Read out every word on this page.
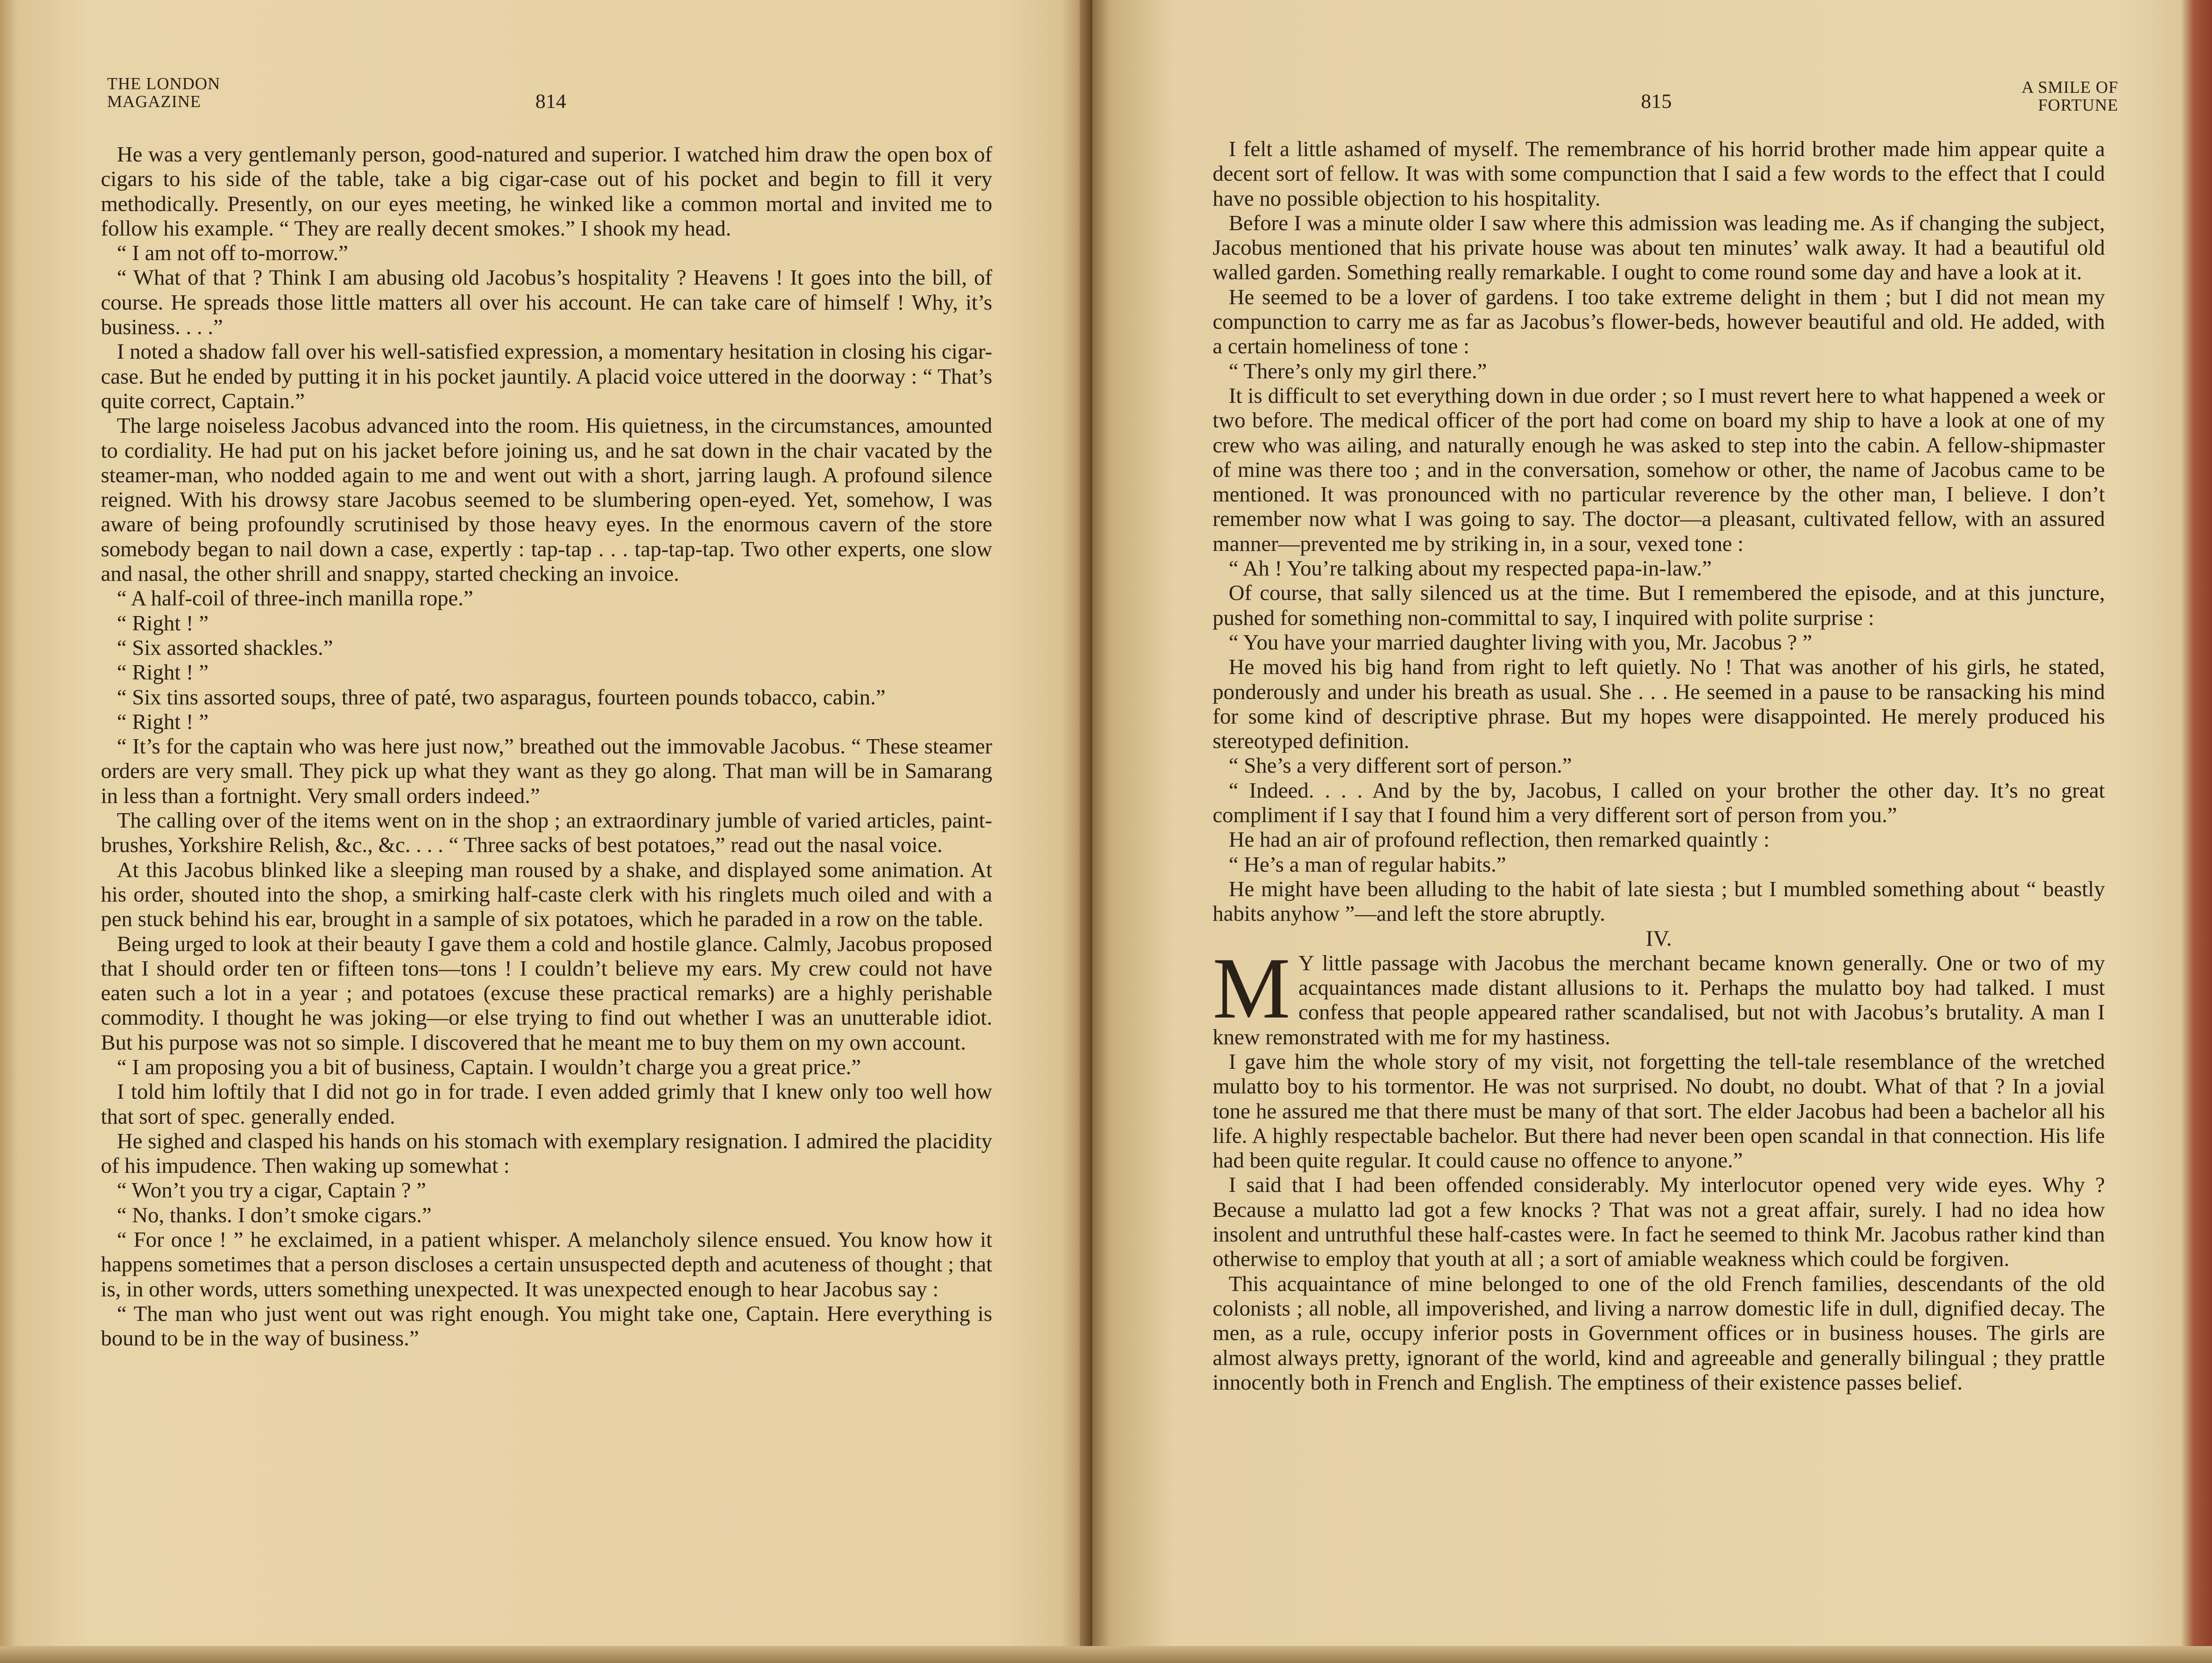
THE LONDON
MAGAZINE	814

He was a very gentlemanly person, good-natured and superior. I watched him draw the open box of cigars to his side of the table, take a big cigar-case out of his pocket and begin to fill it very methodically. Presently, on our eyes meeting, he winked like a common mortal and invited me to follow his example. “ They are really decent smokes.” I shook my head.

“ I am not off to-morrow.”

“ What of that ? Think I am abusing old Jacobus’s hospitality ? Heavens ! It goes into the bill, of course. He spreads those little matters all over his account. He can take care of himself ! Why, it’s business. . . .”

I noted a shadow fall over his well-satisfied expression, a momentary hesitation in closing his cigar-case. But he ended by putting it in his pocket jauntily. A placid voice uttered in the doorway : “ That’s quite correct, Captain.”

The large noiseless Jacobus advanced into the room. His quietness, in the circumstances, amounted to cordiality. He had put on his jacket before joining us, and he sat down in the chair vacated by the steamer-man, who nodded again to me and went out with a short, jarring laugh. A profound silence reigned. With his drowsy stare Jacobus seemed to be slumbering open-eyed. Yet, somehow, I was aware of being profoundly scrutinised by those heavy eyes. In the enormous cavern of the store somebody began to nail down a case, expertly : tap-tap . . . tap-tap-tap. Two other experts, one slow and nasal, the other shrill and snappy, started checking an invoice.

“ A half-coil of three-inch manilla rope.”

“ Right ! ”

“ Six assorted shackles.”

“ Right ! ”

“ Six tins assorted soups, three of paté, two asparagus, fourteen pounds tobacco, cabin.”

“ Right ! ”

“ It’s for the captain who was here just now,” breathed out the immovable Jacobus. “ These steamer orders are very small. They pick up what they want as they go along. That man will be in Samarang in less than a fortnight. Very small orders indeed.”

The calling over of the items went on in the shop ; an extraordinary jumble of varied articles, paint-brushes, Yorkshire Relish, &c., &c. . . . “ Three sacks of best potatoes,” read out the nasal voice.

At this Jacobus blinked like a sleeping man roused by a shake, and displayed some animation. At his order, shouted into the shop, a smirking half-caste clerk with his ringlets much oiled and with a pen stuck behind his ear, brought in a sample of six potatoes, which he paraded in a row on the table.

Being urged to look at their beauty I gave them a cold and hostile glance. Calmly, Jacobus proposed that I should order ten or fifteen tons—tons ! I couldn’t believe my ears. My crew could not have eaten such a lot in a year ; and potatoes (excuse these practical remarks) are a highly perishable commodity. I thought he was joking—or else trying to find out whether I was an unutterable idiot. But his purpose was not so simple. I discovered that he meant me to buy them on my own account.

“ I am proposing you a bit of business, Captain. I wouldn’t charge you a great price.”

I told him loftily that I did not go in for trade. I even added grimly that I knew only too well how that sort of spec. generally ended.

He sighed and clasped his hands on his stomach with exemplary resignation. I admired the placidity of his impudence. Then waking up somewhat :

“ Won’t you try a cigar, Captain ? ”

“ No, thanks. I don’t smoke cigars.”

“ For once ! ” he exclaimed, in a patient whisper. A melancholy silence ensued. You know how it happens sometimes that a person discloses a certain unsuspected depth and acuteness of thought ; that is, in other words, utters something unexpected. It was unexpected enough to hear Jacobus say :

“ The man who just went out was right enough. You might take one, Captain. Here everything is bound to be in the way of business.”

815
A SMILE OF
FORTUNE

I felt a little ashamed of myself. The remembrance of his horrid brother made him appear quite a decent sort of fellow. It was with some compunction that I said a few words to the effect that I could have no possible objection to his hospitality.

Before I was a minute older I saw where this admission was leading me. As if changing the subject, Jacobus mentioned that his private house was about ten minutes’ walk away. It had a beautiful old walled garden. Something really remarkable. I ought to come round some day and have a look at it.

He seemed to be a lover of gardens. I too take extreme delight in them ; but I did not mean my compunction to carry me as far as Jacobus’s flower-beds, however beautiful and old. He added, with a certain homeliness of tone :

“ There’s only my girl there.”

It is difficult to set everything down in due order ; so I must revert here to what happened a week or two before. The medical officer of the port had come on board my ship to have a look at one of my crew who was ailing, and naturally enough he was asked to step into the cabin. A fellow-shipmaster of mine was there too ; and in the conversation, somehow or other, the name of Jacobus came to be mentioned. It was pronounced with no particular reverence by the other man, I believe. I don’t remember now what I was going to say. The doctor—a pleasant, cultivated fellow, with an assured manner—prevented me by striking in, in a sour, vexed tone :

“ Ah ! You’re talking about my respected papa-in-law.”

Of course, that sally silenced us at the time. But I remembered the episode, and at this juncture, pushed for something non-committal to say, I inquired with polite surprise :

“ You have your married daughter living with you, Mr. Jacobus ? ”

He moved his big hand from right to left quietly. No ! That was another of his girls, he stated, ponderously and under his breath as usual. She . . . He seemed in a pause to be ransacking his mind for some kind of descriptive phrase. But my hopes were disappointed. He merely produced his stereotyped definition.

“ She’s a very different sort of person.”

“ Indeed. . . . And by the by, Jacobus, I called on your brother the other day. It’s no great compliment if I say that I found him a very different sort of person from you.”

He had an air of profound reflection, then remarked quaintly :

“ He’s a man of regular habits.”

He might have been alluding to the habit of late siesta ; but I mumbled something about “ beastly habits anyhow ”—and left the store abruptly.

IV.

M Y little passage with Jacobus the merchant became known generally. One or two of my acquaintances made distant allusions to it. Perhaps the mulatto boy had talked. I must confess that people appeared rather scandalised, but not with Jacobus’s brutality. A man I knew remonstrated with me for my hastiness.

I gave him the whole story of my visit, not forgetting the tell-tale resemblance of the wretched mulatto boy to his tormentor. He was not surprised. No doubt, no doubt. What of that ? In a jovial tone he assured me that there must be many of that sort. The elder Jacobus had been a bachelor all his life. A highly respectable bachelor. But there had never been open scandal in that connection. His life had been quite regular. It could cause no offence to anyone.”

I said that I had been offended considerably. My interlocutor opened very wide eyes. Why ? Because a mulatto lad got a few knocks ? That was not a great affair, surely. I had no idea how insolent and untruthful these half-castes were. In fact he seemed to think Mr. Jacobus rather kind than otherwise to employ that youth at all ; a sort of amiable weakness which could be forgiven.

This acquaintance of mine belonged to one of the old French families, descendants of the old colonists ; all noble, all impoverished, and living a narrow domestic life in dull, dignified decay. The men, as a rule, occupy inferior posts in Government offices or in business houses. The girls are almost always pretty, ignorant of the world, kind and agreeable and generally bilingual ; they prattle innocently both in French and English. The emptiness of their existence passes belief.
